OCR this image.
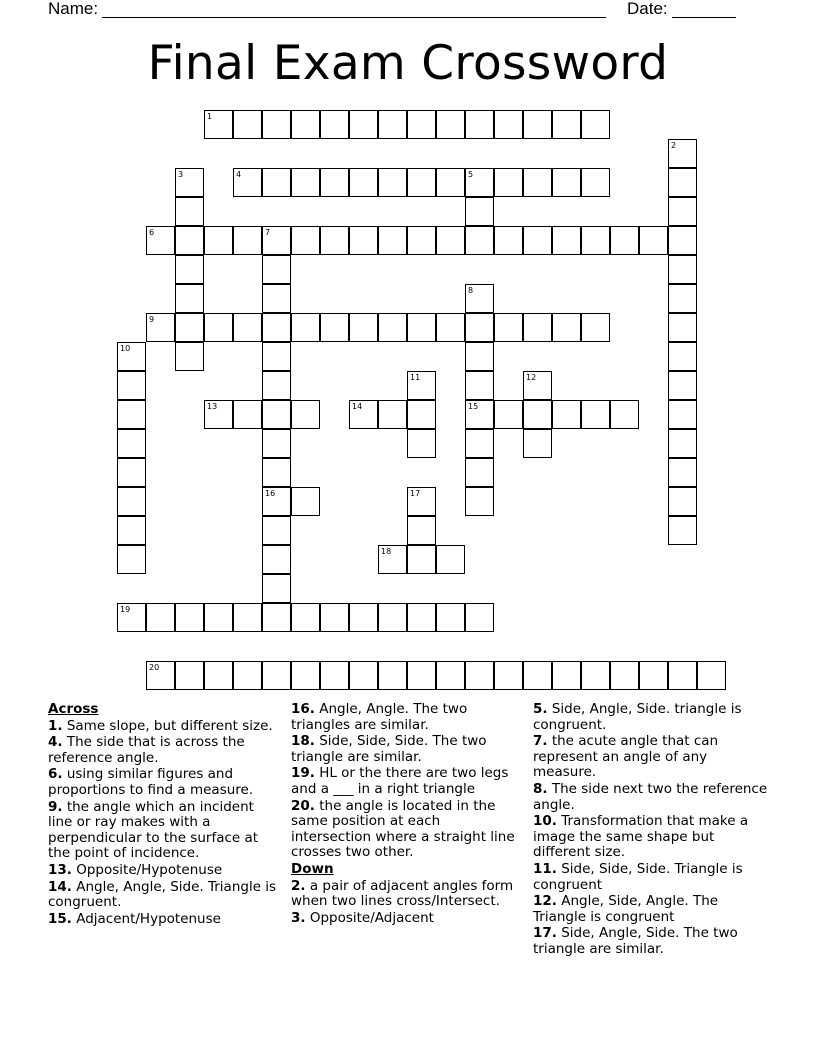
Name:	Date:
Final Exam Crossword
1
2
3	4	5
6	7
16
8
15
9
10
11	12
13	14
17
18
19
20
Across
1. Same slope, but different size.
4. The side that is across the reference angle.
6. using similar figures and proportions to find a measure.
9. the angle which an incident line or ray makes with a perpendicular to the surface at the point of incidence.
13. Opposite/Hypotenuse
14. Angle, Angle, Side. Triangle is congruent.
15. Adjacent/Hypotenuse
16. Angle, Angle. The two triangles are similar.
18. Side, Side, Side. The two triangle are similar.
19. HL or the there are two legs and a ___ in a right triangle
20. the angle is located in the same position at each intersection where a straight line crosses two other.
Down
2. a pair of adjacent angles form when two lines cross/Intersect.
3. Opposite/Adjacent
5. Side, Angle, Side. triangle is congruent.
7. the acute angle that can represent an angle of any measure.
8. The side next two the reference angle.
10. Transformation that make a image the same shape but different size.
11. Side, Side, Side. Triangle is congruent
12. Angle, Side, Angle. The Triangle is congruent
17. Side, Angle, Side. The two triangle are similar.
